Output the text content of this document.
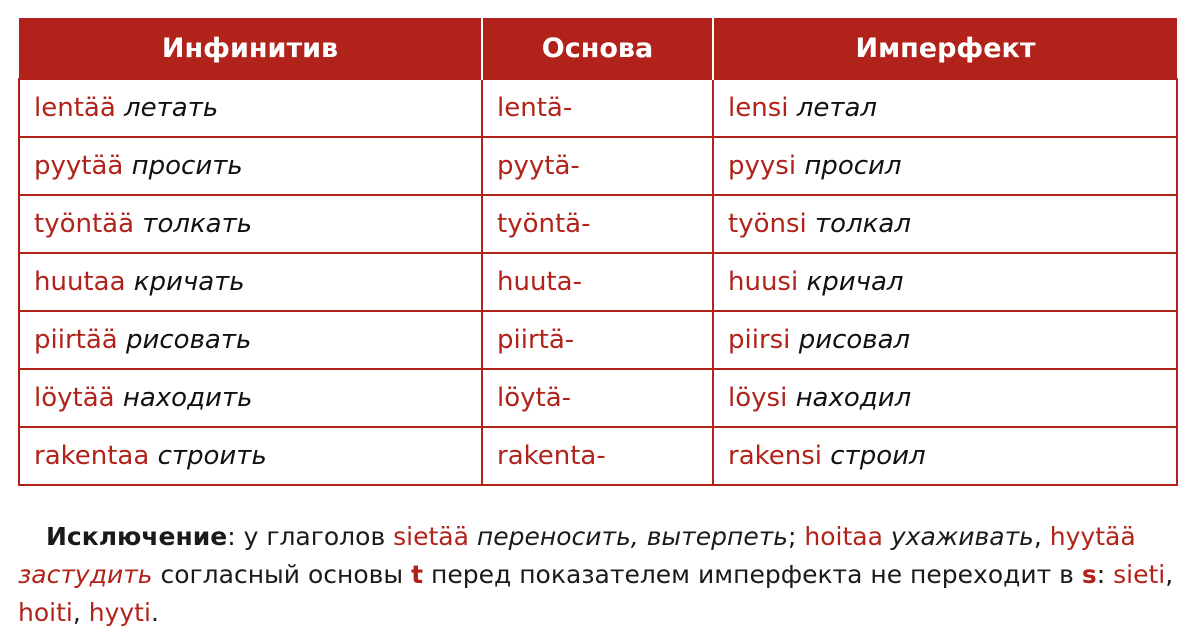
Инфинитив	Основа	Имперфект
lentää летать	lentä-	lensi летал
pyytää просить	pyytä-	pyysi просил
työntää толкать	työntä-	työnsi толкал
huutaa кричать	huuta-	huusi кричал
piirtää рисовать	piirtä-	piirsi рисовал
löytää находить	löytä-	löysi находил
rakentaa строить	rakenta-	rakensi строил
Исключение: у глаголов sietää переносить, вытерпеть; hoitaa ухаживать, hyytää
застудить согласный основы t перед показателем имперфекта не переходит в s: sieti,
hoiti, hyyti.
